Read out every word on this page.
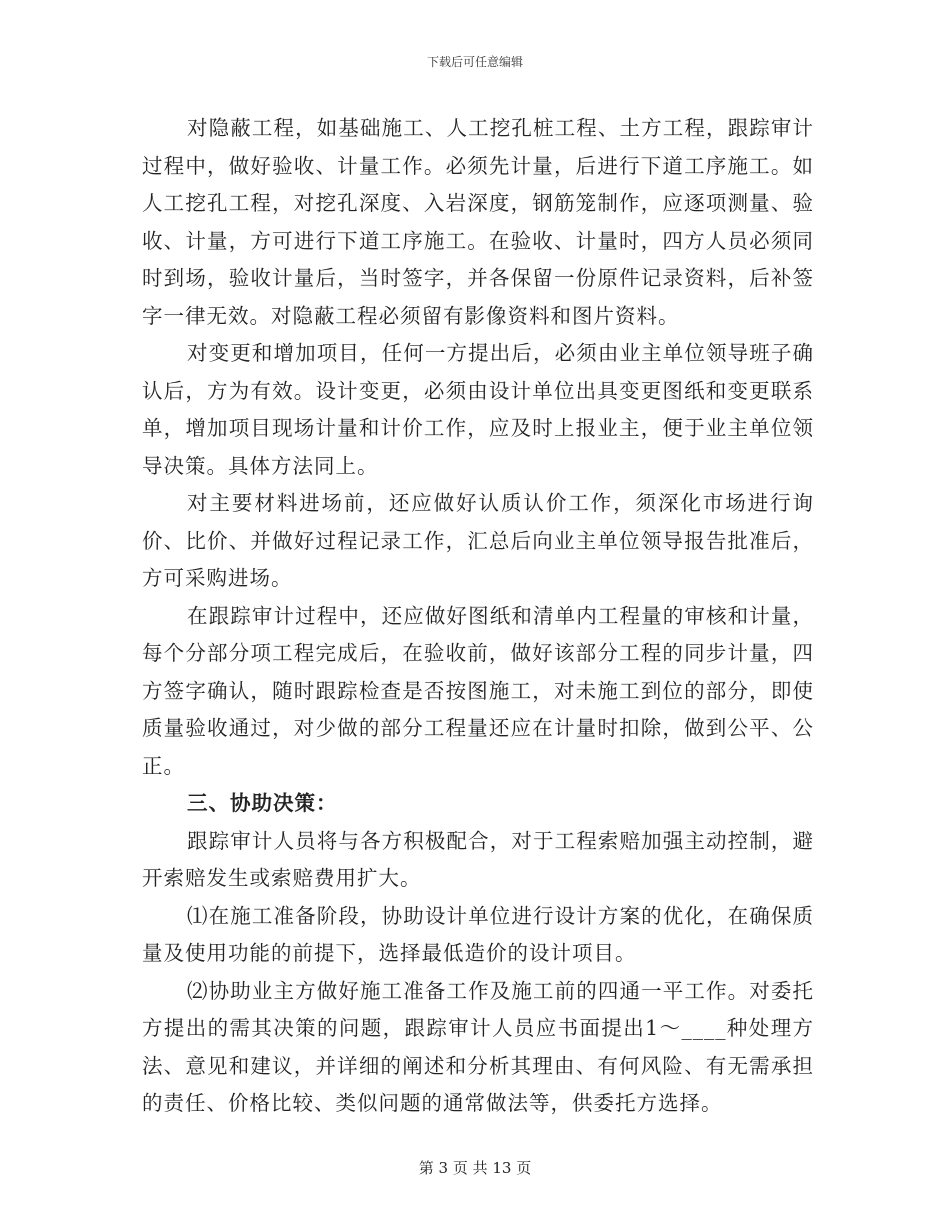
下载后可任意编辑

对隐蔽工程，如基础施工、人工挖孔桩工程、土方工程，跟踪审计过程中，做好验收、计量工作。必须先计量，后进行下道工序施工。如人工挖孔工程，对挖孔深度、入岩深度，钢筋笼制作，应逐项测量、验收、计量，方可进行下道工序施工。在验收、计量时，四方人员必须同时到场，验收计量后，当时签字，并各保留一份原件记录资料，后补签字一律无效。对隐蔽工程必须留有影像资料和图片资料。

对变更和增加项目，任何一方提出后，必须由业主单位领导班子确认后，方为有效。设计变更，必须由设计单位出具变更图纸和变更联系单，增加项目现场计量和计价工作，应及时上报业主，便于业主单位领导决策。具体方法同上。

对主要材料进场前，还应做好认质认价工作，须深化市场进行询价、比价、并做好过程记录工作，汇总后向业主单位领导报告批准后，方可采购进场。

在跟踪审计过程中，还应做好图纸和清单内工程量的审核和计量，每个分部分项工程完成后，在验收前，做好该部分工程的同步计量，四方签字确认，随时跟踪检查是否按图施工，对未施工到位的部分，即使质量验收通过，对少做的部分工程量还应在计量时扣除，做到公平、公正。

三、协助决策：

跟踪审计人员将与各方积极配合，对于工程索赔加强主动控制，避开索赔发生或索赔费用扩大。

⑴在施工准备阶段，协助设计单位进行设计方案的优化，在确保质量及使用功能的前提下，选择最低造价的设计项目。

⑵协助业主方做好施工准备工作及施工前的四通一平工作。对委托方提出的需其决策的问题，跟踪审计人员应书面提出1～____种处理方法、意见和建议，并详细的阐述和分析其理由、有何风险、有无需承担的责任、价格比较、类似问题的通常做法等，供委托方选择。

第 3 页 共 13 页
